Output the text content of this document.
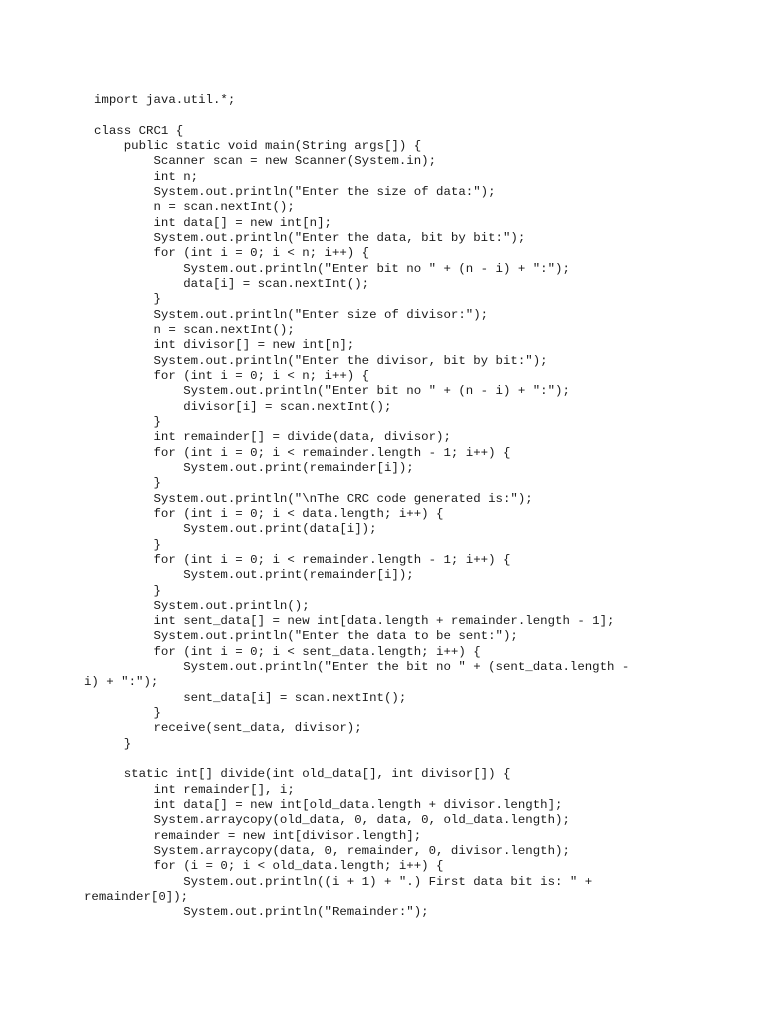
import java.util.*;
class CRC1 {
public static void main(String args[]) {
Scanner scan = new Scanner(System.in);
int n;
System.out.println("Enter the size of data:");
n = scan.nextInt();
int data[] = new int[n];
System.out.println("Enter the data, bit by bit:");
for (int i = 0; i < n; i++) {
System.out.println("Enter bit no " + (n - i) + ":");
data[i] = scan.nextInt();
}
System.out.println("Enter size of divisor:");
n = scan.nextInt();
int divisor[] = new int[n];
System.out.println("Enter the divisor, bit by bit:");
for (int i = 0; i < n; i++) {
System.out.println("Enter bit no " + (n - i) + ":");
divisor[i] = scan.nextInt();
}
int remainder[] = divide(data, divisor);
for (int i = 0; i < remainder.length - 1; i++) {
System.out.print(remainder[i]);
}
System.out.println("\nThe CRC code generated is:");
for (int i = 0; i < data.length; i++) {
System.out.print(data[i]);
}
for (int i = 0; i < remainder.length - 1; i++) {
System.out.print(remainder[i]);
}
System.out.println();
int sent_data[] = new int[data.length + remainder.length - 1];
System.out.println("Enter the data to be sent:");
for (int i = 0; i < sent_data.length; i++) {
System.out.println("Enter the bit no " + (sent_data.length -
i) + ":");
sent_data[i] = scan.nextInt();
}
receive(sent_data, divisor);
}
static int[] divide(int old_data[], int divisor[]) {
int remainder[], i;
int data[] = new int[old_data.length + divisor.length];
System.arraycopy(old_data, 0, data, 0, old_data.length);
remainder = new int[divisor.length];
System.arraycopy(data, 0, remainder, 0, divisor.length);
for (i = 0; i < old_data.length; i++) {
System.out.println((i + 1) + ".) First data bit is: " +
remainder[0]);
System.out.println("Remainder:");
